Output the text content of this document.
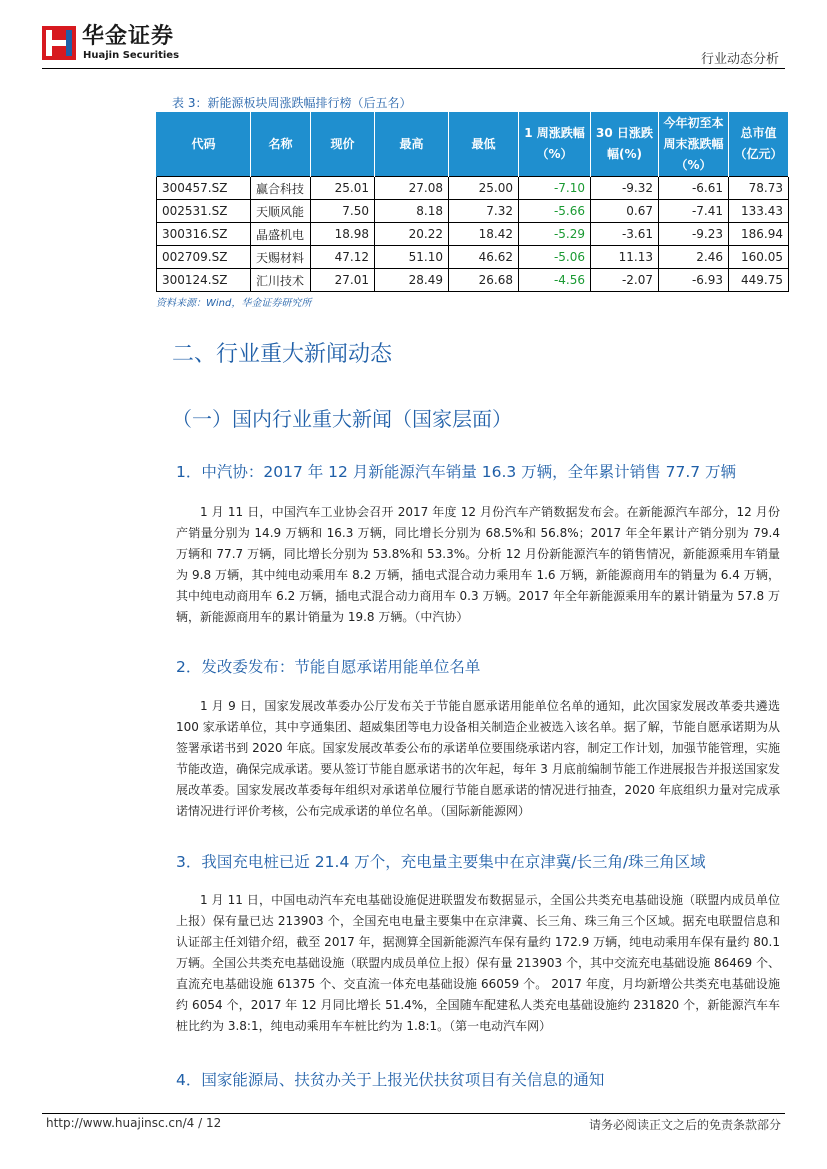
华金证券
Huajin Securities	行业动态分析
表 3：新能源板块周涨跌幅排行榜（后五名）
代码	名称	现价	最高	最低	1 周涨跌幅（%）	30 日涨跌幅(%)	今年初至本周末涨跌幅（%）	总市值（亿元）
300457.SZ	赢合科技	25.01	27.08	25.00	-7.10	-9.32	-6.61	78.73
002531.SZ	天顺风能	7.50	8.18	7.32	-5.66	0.67	-7.41	133.43
300316.SZ	晶盛机电	18.98	20.22	18.42	-5.29	-3.61	-9.23	186.94
002709.SZ	天赐材料	47.12	51.10	46.62	-5.06	11.13	2.46	160.05
300124.SZ	汇川技术	27.01	28.49	26.68	-4.56	-2.07	-6.93	449.75
资料来源：Wind，华金证券研究所
二、行业重大新闻动态
（一）国内行业重大新闻（国家层面）
1．中汽协：2017 年 12 月新能源汽车销量 16.3 万辆，全年累计销售 77.7 万辆

1 月 11 日，中国汽车工业协会召开 2017 年度 12 月份汽车产销数据发布会。在新能源汽车部分，12 月份产销量分别为 14.9 万辆和 16.3 万辆，同比增长分别为 68.5%和 56.8%；2017 年全年累计产销分别为 79.4 万辆和 77.7 万辆，同比增长分别为 53.8%和 53.3%。分析 12 月份新能源汽车的销售情况，新能源乘用车销量为 9.8 万辆，其中纯电动乘用车 8.2 万辆，插电式混合动力乘用车 1.6 万辆，新能源商用车的销量为 6.4 万辆，其中纯电动商用车 6.2 万辆，插电式混合动力商用车 0.3 万辆。2017 年全年新能源乘用车的累计销量为 57.8 万辆，新能源商用车的累计销量为 19.8 万辆。（中汽协）

2．发改委发布：节能自愿承诺用能单位名单

1 月 9 日，国家发展改革委办公厅发布关于节能自愿承诺用能单位名单的通知，此次国家发展改革委共遴选 100 家承诺单位，其中亨通集团、超威集团等电力设备相关制造企业被选入该名单。据了解，节能自愿承诺期为从签署承诺书到 2020 年底。国家发展改革委公布的承诺单位要围绕承诺内容，制定工作计划，加强节能管理，实施节能改造，确保完成承诺。要从签订节能自愿承诺书的次年起，每年 3 月底前编制节能工作进展报告并报送国家发展改革委。国家发展改革委每年组织对承诺单位履行节能自愿承诺的情况进行抽查，2020 年底组织力量对完成承诺情况进行评价考核，公布完成承诺的单位名单。（国际新能源网）

3．我国充电桩已近 21.4 万个，充电量主要集中在京津冀/长三角/珠三角区域

1 月 11 日，中国电动汽车充电基础设施促进联盟发布数据显示，全国公共类充电基础设施（联盟内成员单位上报）保有量已达 213903 个，全国充电电量主要集中在京津冀、长三角、珠三角三个区域。据充电联盟信息和认证部主任刘错介绍，截至 2017 年，据测算全国新能源汽车保有量约 172.9 万辆，纯电动乘用车保有量约 80.1 万辆。全国公共类充电基础设施（联盟内成员单位上报）保有量 213903 个，其中交流充电基础设施 86469 个、直流充电基础设施 61375 个、交直流一体充电基础设施 66059 个。 2017 年度，月均新增公共类充电基础设施约 6054 个，2017 年 12 月同比增长 51.4%，全国随车配建私人类充电基础设施约 231820 个，新能源汽车车桩比约为 3.8:1，纯电动乘用车车桩比约为 1.8:1。（第一电动汽车网）

4．国家能源局、扶贫办关于上报光伏扶贫项目有关信息的通知
http://www.huajinsc.cn/4 / 12	请务必阅读正文之后的免责条款部分
